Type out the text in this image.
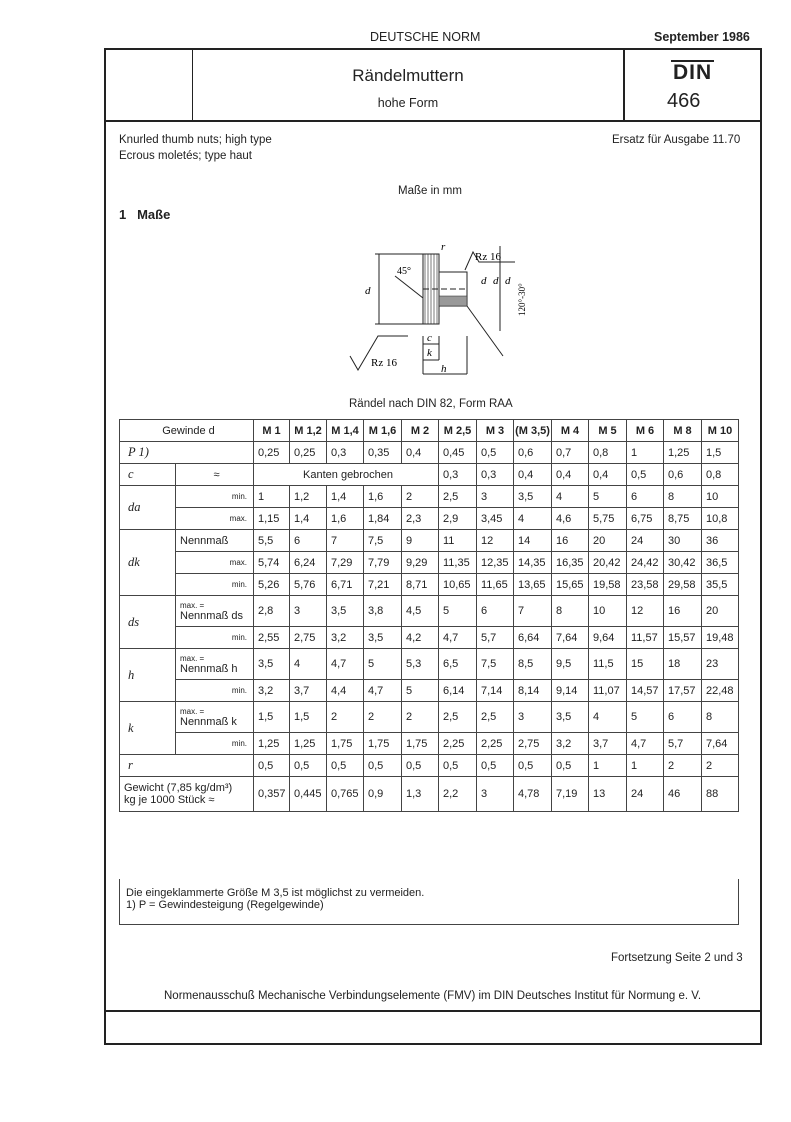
DEUTSCHE NORM	September 1986
Rändelmuttern
hohe Form
DIN
466
Knurled thumb nuts; high type
Ecrous moletés; type haut
Ersatz für Ausgabe 11.70
Maße in mm
1   Maße
d
d d d
r
c
k
h
Rz 16
Rz 16
45°
120°-30°
Rändel nach DIN 82, Form RAA
Gewinde d		M 1	M 1,2	M 1,4	M 1,6	M 2	M 2,5	M 3	(M 3,5)	M 4	M 5	M 6	M 8	M 10
P 1)		0,25	0,25	0,3	0,35	0,4	0,45	0,5	0,6	0,7	0,8	1	1,25	1,5
c	≈	Kanten gebrochen					0,3	0,3	0,4	0,4	0,4	0,5	0,6	0,8
da	min.	1	1,2	1,4	1,6	2	2,5	3	3,5	4	5	6	8	10
	max.	1,15	1,4	1,6	1,84	2,3	2,9	3,45	4	4,6	5,75	6,75	8,75	10,8
dk	Nennmaß	5,5	6	7	7,5	9	11	12	14	16	20	24	30	36
	max.	5,74	6,24	7,29	7,79	9,29	11,35	12,35	14,35	16,35	20,42	24,42	30,42	36,5
	min.	5,26	5,76	6,71	7,21	8,71	10,65	11,65	13,65	15,65	19,58	23,58	29,58	35,5
ds	max. =
Nennmaß ds	2,8	3	3,5	3,8	4,5	5	6	7	8	10	12	16	20
	min.	2,55	2,75	3,2	3,5	4,2	4,7	5,7	6,64	7,64	9,64	11,57	15,57	19,48
h	max. =
Nennmaß h	3,5	4	4,7	5	5,3	6,5	7,5	8,5	9,5	11,5	15	18	23
	min.	3,2	3,7	4,4	4,7	5	6,14	7,14	8,14	9,14	11,07	14,57	17,57	22,48
k	max. =
Nennmaß k	1,5	1,5	2	2	2	2,5	2,5	3	3,5	4	5	6	8
	min.	1,25	1,25	1,75	1,75	1,75	2,25	2,25	2,75	3,2	3,7	4,7	5,7	7,64
r		0,5	0,5	0,5	0,5	0,5	0,5	0,5	0,5	0,5	1	1	2	2

Gewicht (7,85 kg/dm³)
kg je 1000 Stück ≈		0,357	0,445	0,765	0,9	1,3	2,2	3	4,78	7,19	13	24	46	88
Die eingeklammerte Größe M 3,5 ist möglichst zu vermeiden.
1) P = Gewindesteigung (Regelgewinde)
Fortsetzung Seite 2 und 3
Normenausschuß Mechanische Verbindungselemente (FMV) im DIN Deutsches Institut für Normung e. V.
